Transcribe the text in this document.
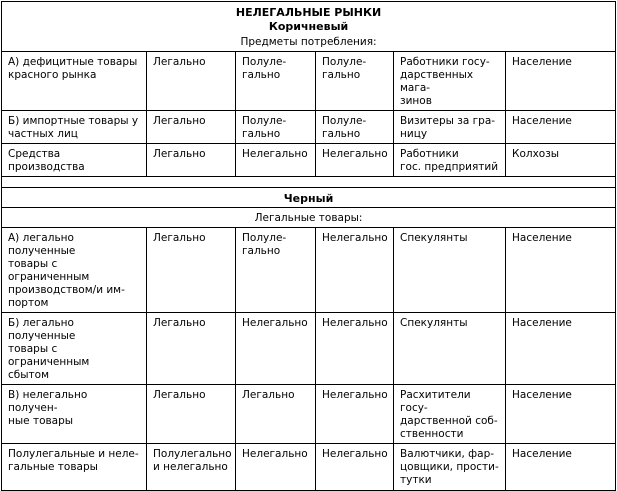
НЕЛЕГАЛЬНЫЕ РЫНКИ
Коричневый
Предметы потребления:					

А) дефицитные товары
красного рынка	Легально	Полуле-
гально	Полуле-
гально	Работники госу-
дарственных мага-
зинов	Население

Б) импортные товары у
частных лиц	Легально	Полуле-
гально	Полуле-
гально	Визитеры за гра-
ницу	Население

Средства производства	Легально	Нелегально	Нелегально	Работники
гос. предприятий	Колхозы

Черный					
Легальные товары:					

А) легально полученные
товары с ограниченным
производством/и им-
портом	Легально	Полуле-
гально	Нелегально	Спекулянты	Население

Б) легально полученные
товары с ограниченным
сбытом	Легально	Нелегально	Нелегально	Спекулянты	Население

В) нелегально получен-
ные товары	Легально	Легально	Нелегально	Расхитители госу-
дарственной соб-
ственности	Население

Полулегальные и неле-
гальные товары	Полулегально
и нелегально	Нелегально	Нелегально	Валютчики, фар-
цовщики, прости-
тутки	Население
